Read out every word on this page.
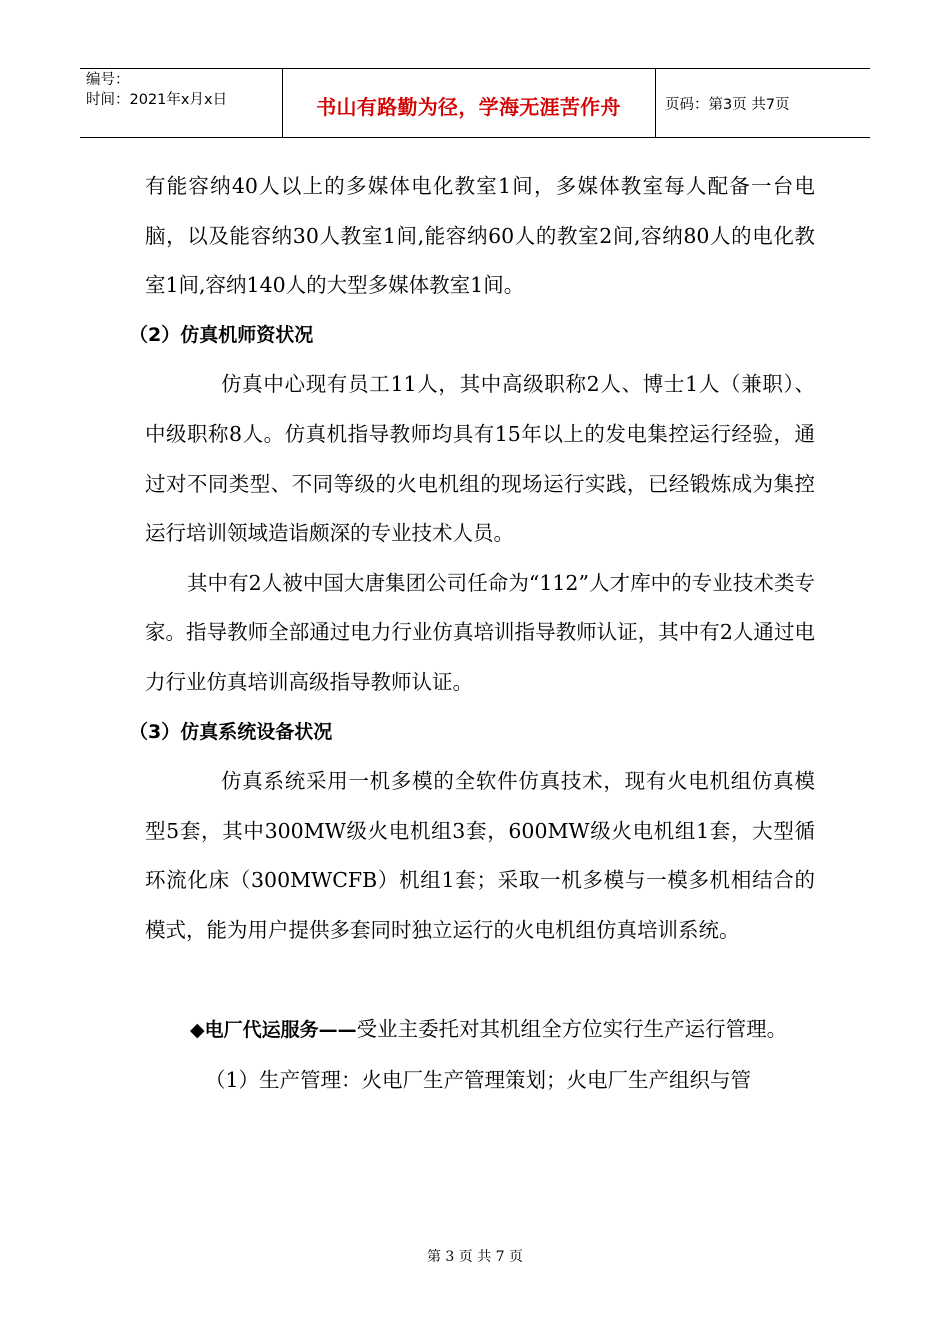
编号：
时间：2021年x月x日	书山有路勤为径，学海无涯苦作舟	页码：第3页 共7页

有能容纳40人以上的多媒体电化教室1间，多媒体教室每人配备一台电脑，以及能容纳30人教室1间,能容纳60人的教室2间,容纳80人的电化教室1间,容纳140人的大型多媒体教室1间。

（2）仿真机师资状况

仿真中心现有员工11人，其中高级职称2人、博士1人（兼职）、中级职称8人。仿真机指导教师均具有15年以上的发电集控运行经验，通过对不同类型、不同等级的火电机组的现场运行实践，已经锻炼成为集控运行培训领域造诣颇深的专业技术人员。

其中有2人被中国大唐集团公司任命为“112”人才库中的专业技术类专家。指导教师全部通过电力行业仿真培训指导教师认证，其中有2人通过电力行业仿真培训高级指导教师认证。

（3）仿真系统设备状况

仿真系统采用一机多模的全软件仿真技术，现有火电机组仿真模型5套，其中300MW级火电机组3套，600MW级火电机组1套，大型循环流化床（300MWCFB）机组1套；采取一机多模与一模多机相结合的模式，能为用户提供多套同时独立运行的火电机组仿真培训系统。

◆电厂代运服务——受业主委托对其机组全方位实行生产运行管理。

（1）生产管理：火电厂生产管理策划；火电厂生产组织与管

第 3 页 共 7 页
